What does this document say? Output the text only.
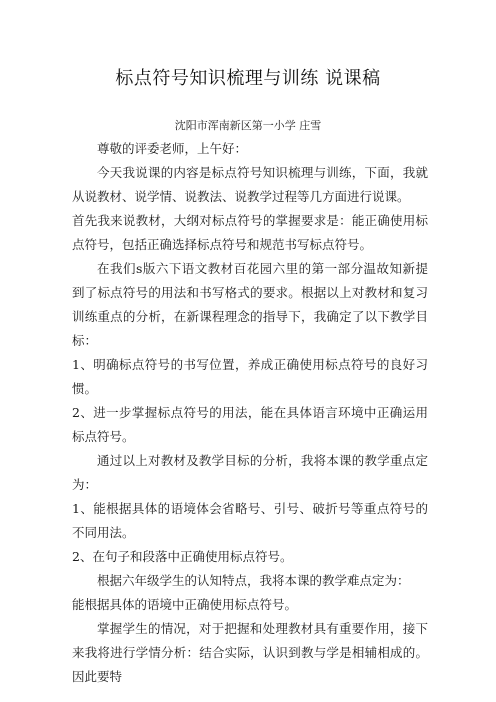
标点符号知识梳理与训练 说课稿
沈阳市浑南新区第一小学 庄雪

尊敬的评委老师，上午好：

今天我说课的内容是标点符号知识梳理与训练，下面，我就从说教材、说学情、说教法、说教学过程等几方面进行说课。

首先我来说教材，大纲对标点符号的掌握要求是：能正确使用标点符号，包括正确选择标点符号和规范书写标点符号。

在我们s版六下语文教材百花园六里的第一部分温故知新提到了标点符号的用法和书写格式的要求。根据以上对教材和复习训练重点的分析，在新课程理念的指导下，我确定了以下教学目标：

1、明确标点符号的书写位置，养成正确使用标点符号的良好习惯。

2、进一步掌握标点符号的用法，能在具体语言环境中正确运用标点符号。

通过以上对教材及教学目标的分析，我将本课的教学重点定为：

1、能根据具体的语境体会省略号、引号、破折号等重点符号的不同用法。

2、在句子和段落中正确使用标点符号。

根据六年级学生的认知特点，我将本课的教学难点定为：

能根据具体的语境中正确使用标点符号。

掌握学生的情况，对于把握和处理教材具有重要作用，接下来我将进行学情分析：结合实际，认识到教与学是相辅相成的。因此要特
